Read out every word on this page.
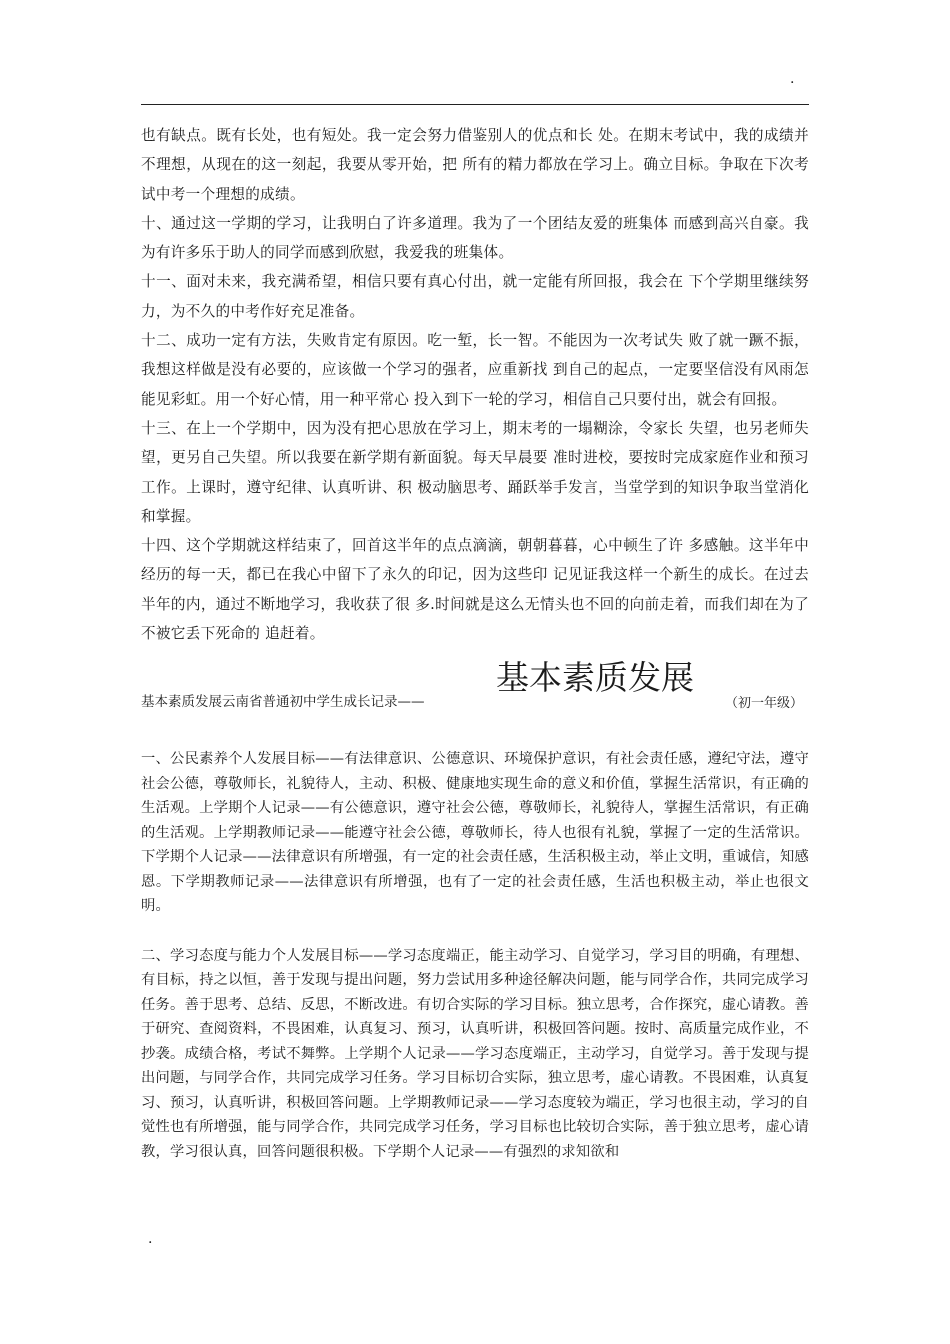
.

也有缺点。既有长处，也有短处。我一定会努力借鉴别人的优点和长 处。在期末考试中，我的成绩并不理想，从现在的这一刻起，我要从零开始，把 所有的精力都放在学习上。确立目标。争取在下次考试中考一个理想的成绩。

十、通过这一学期的学习，让我明白了许多道理。我为了一个团结友爱的班集体 而感到高兴自豪。我为有许多乐于助人的同学而感到欣慰，我爱我的班集体。

十一、面对未来，我充满希望，相信只要有真心付出，就一定能有所回报，我会在 下个学期里继续努力，为不久的中考作好充足准备。

十二、成功一定有方法，失败肯定有原因。吃一堑，长一智。不能因为一次考试失 败了就一蹶不振，我想这样做是没有必要的，应该做一个学习的强者，应重新找 到自己的起点，一定要坚信没有风雨怎能见彩虹。用一个好心情，用一种平常心 投入到下一轮的学习，相信自己只要付出，就会有回报。

十三、在上一个学期中，因为没有把心思放在学习上，期末考的一塌糊涂，令家长 失望，也另老师失望，更另自己失望。所以我要在新学期有新面貌。每天早晨要 准时进校，要按时完成家庭作业和预习工作。上课时，遵守纪律、认真听讲、积 极动脑思考、踊跃举手发言，当堂学到的知识争取当堂消化和掌握。

十四、这个学期就这样结束了，回首这半年的点点滴滴，朝朝暮暮，心中顿生了许 多感触。这半年中经历的每一天，都已在我心中留下了永久的印记，因为这些印 记见证我这样一个新生的成长。在过去半年的内，通过不断地学习，我收获了很 多.时间就是这么无情头也不回的向前走着，而我们却在为了不被它丢下死命的 追赶着。

基本素质发展云南省普通初中学生成长记录——
基本素质发展
（初一年级）

一、公民素养个人发展目标——有法律意识、公德意识、环境保护意识，有社会责任感，遵纪守法，遵守社会公德，尊敬师长，礼貌待人，主动、积极、健康地实现生命的意义和价值，掌握生活常识，有正确的生活观。上学期个人记录——有公德意识，遵守社会公德，尊敬师长，礼貌待人，掌握生活常识，有正确的生活观。上学期教师记录——能遵守社会公德，尊敬师长，待人也很有礼貌，掌握了一定的生活常识。下学期个人记录——法律意识有所增强，有一定的社会责任感，生活积极主动，举止文明，重诚信，知感恩。下学期教师记录——法律意识有所增强，也有了一定的社会责任感，生活也积极主动，举止也很文明。

二、学习态度与能力个人发展目标——学习态度端正，能主动学习、自觉学习，学习目的明确，有理想、有目标，持之以恒，善于发现与提出问题，努力尝试用多种途径解决问题，能与同学合作，共同完成学习任务。善于思考、总结、反思，不断改进。有切合实际的学习目标。独立思考，合作探究，虚心请教。善于研究、查阅资料，不畏困难，认真复习、预习，认真听讲，积极回答问题。按时、高质量完成作业，不抄袭。成绩合格，考试不舞弊。上学期个人记录——学习态度端正，主动学习，自觉学习。善于发现与提出问题，与同学合作，共同完成学习任务。学习目标切合实际，独立思考，虚心请教。不畏困难，认真复习、预习，认真听讲，积极回答问题。上学期教师记录——学习态度较为端正，学习也很主动，学习的自觉性也有所增强，能与同学合作，共同完成学习任务，学习目标也比较切合实际，善于独立思考，虚心请教，学习很认真，回答问题很积极。下学期个人记录——有强烈的求知欲和

.
